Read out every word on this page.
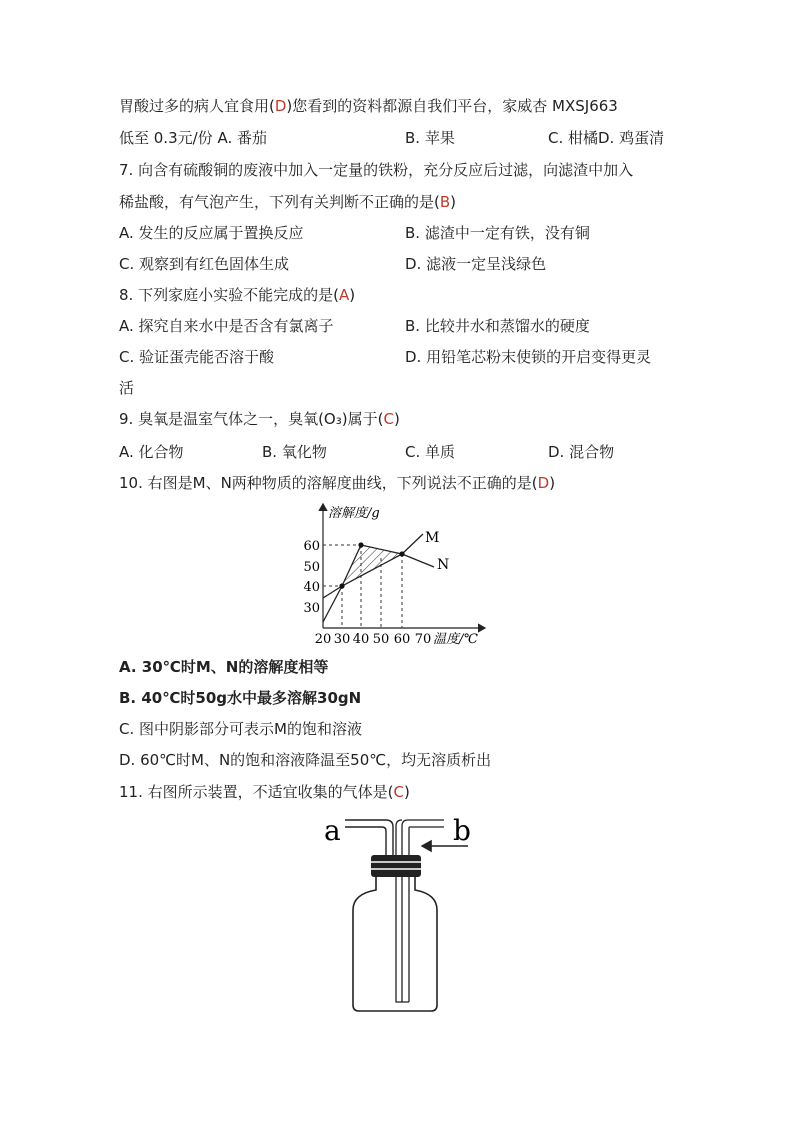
胃酸过多的病人宜食用(D)您看到的资料都源自我们平台，家威杏 MXSJ663
低至 0.3元/份 A. 番茄	B. 苹果	C. 柑橘D. 鸡蛋清
7. 向含有硫酸铜的废液中加入一定量的铁粉，充分反应后过滤，向滤渣中加入
稀盐酸，有气泡产生，下列有关判断不正确的是(B)
A. 发生的反应属于置换反应	B. 滤渣中一定有铁，没有铜
C. 观察到有红色固体生成	D. 滤液一定呈浅绿色
8. 下列家庭小实验不能完成的是(A)
A. 探究自来水中是否含有氯离子	B. 比较井水和蒸馏水的硬度
C. 验证蛋壳能否溶于酸	D. 用铅笔芯粉末使锁的开启变得更灵
活
9. 臭氧是温室气体之一，臭氧(O₃)属于(C)
A. 化合物	B. 氧化物	C. 单质	D. 混合物
10. 右图是M、N两种物质的溶解度曲线，下列说法不正确的是(D)
溶解度/g
温度/℃
60
50
40
30
20 30 40 50 60 70
M
N
A. 30℃时M、N的溶解度相等
B. 40℃时50g水中最多溶解30gN
C. 图中阴影部分可表示M的饱和溶液
D. 60℃时M、N的饱和溶液降温至50℃，均无溶质析出
11. 右图所示装置，不适宜收集的气体是(C)
a	b
